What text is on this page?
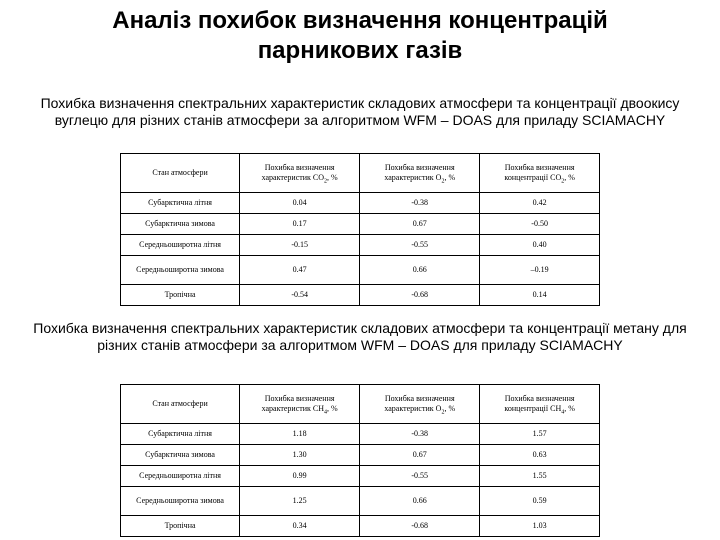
Аналіз похибок визначення концентрацій
парникових газів
Похибка визначення спектральних характеристик складових атмосфери та концентрації двоокису вуглецю для різних станів атмосфери за алгоритмом WFM – DOAS для приладу SCIAMACHY
Стан атмосфери	Похибка визначення характеристик $CO_2$, %	Похибка визначення характеристик $O_2$, %	Похибка визначення концентрації $CO_2$, %
Субарктична літня	0.04	-0.38	0.42
Субарктична зимова	0.17	0.67	-0.50
Середньоширотна літня	-0.15	-0.55	0.40
Середньоширотна зимова	0.47	0.66	–0.19
Тропічна	-0.54	-0.68	0.14
Похибка визначення спектральних характеристик складових атмосфери та концентрації метану для різних станів атмосфери за алгоритмом WFM – DOAS для приладу SCIAMACHY
Стан атмосфери	Похибка визначення характеристик $CH_4$, %	Похибка визначення характеристик $O_2$, %	Похибка визначення концентрації $CH_4$, %
Субарктична літня	1.18	-0.38	1.57
Субарктична зимова	1.30	0.67	0.63
Середньоширотна літня	0.99	-0.55	1.55
Середньоширотна зимова	1.25	0.66	0.59
Тропічна	0.34	-0.68	1.03
